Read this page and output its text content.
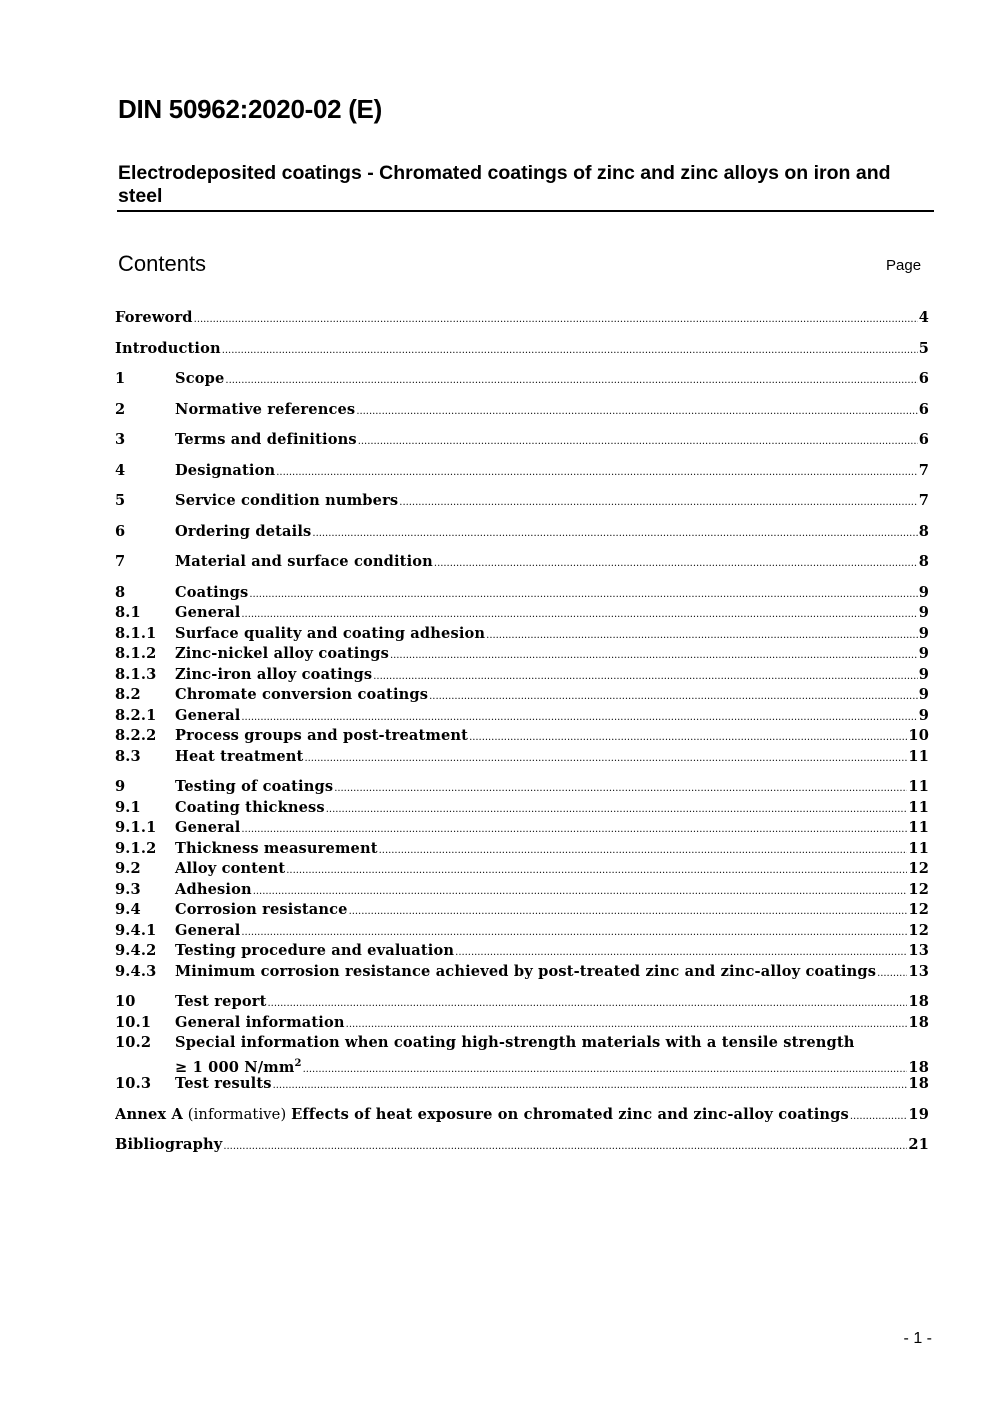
DIN 50962:2020-02 (E)
Electrodeposited coatings - Chromated coatings of zinc and zinc alloys on iron and steel
Contents	Page
Foreword . . .	4
Introduction . . .	5
1	Scope . . .	6
2	Normative references . . .	6
3	Terms and definitions . . .	6
4	Designation . . .	7
5	Service condition numbers . . .	7
6	Ordering details . . .	8
7	Material and surface condition . . .	8
8	Coatings . . .	9
8.1	General . . .	9
8.1.1	Surface quality and coating adhesion . . .	9
8.1.2	Zinc-nickel alloy coatings . . .	9
8.1.3	Zinc-iron alloy coatings . . .	9
8.2	Chromate conversion coatings . . .	9
8.2.1	General . . .	9
8.2.2	Process groups and post-treatment . . .	10
8.3	Heat treatment . . .	11
9	Testing of coatings . . .	11
9.1	Coating thickness . . .	11
9.1.1	General . . .	11
9.1.2	Thickness measurement . . .	11
9.2	Alloy content . . .	12
9.3	Adhesion . . .	12
9.4	Corrosion resistance . . .	12
9.4.1	General . . .	12
9.4.2	Testing procedure and evaluation . . .	13
9.4.3	Minimum corrosion resistance achieved by post-treated zinc and zinc-alloy coatings . . . 13
10	Test report . . .	18
10.1	General information . . .	18
10.2	Special information when coating high-strength materials with a tensile strength
≥ 1 000 $N/mm^2$ . . .	18
10.3	Test results . . .	18
Annex A (informative) Effects of heat exposure on chromated zinc and zinc-alloy coatings . . .	19
Bibliography . . .	21
- 1 -
